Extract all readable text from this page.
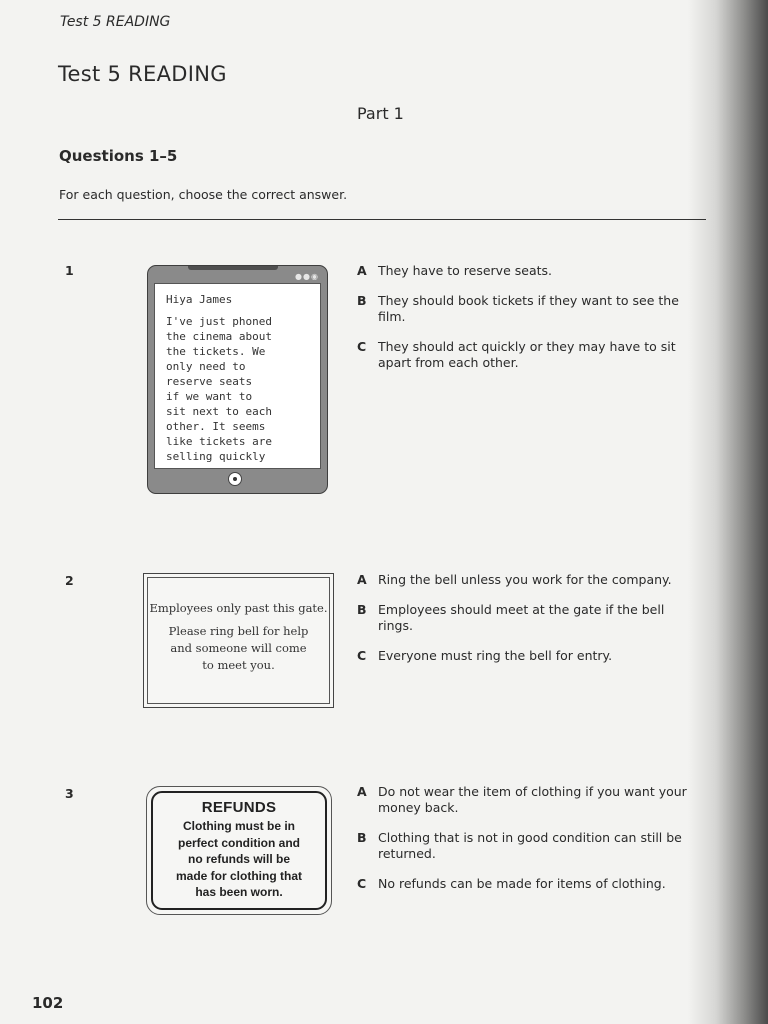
Test 5 READING
Test 5 READING
Part 1
Questions 1–5
For each question, choose the correct answer.
1	●●◉
Hiya James
I've just phoned
the cinema about
the tickets. We
only need to
reserve seats
if we want to
sit next to each
other. It seems
like tickets are
selling quickly
A They have to reserve seats.
B They should book tickets if they want to see the film.
C They should act quickly or they may have to sit apart from each other.
2
Employees only past this gate.
Please ring bell for help and someone will come to meet you.
A Ring the bell unless you work for the company.
B Employees should meet at the gate if the bell rings.
C Everyone must ring the bell for entry.
3
REFUNDS
Clothing must be in
perfect condition and
no refunds will be
made for clothing that
has been worn.
A Do not wear the item of clothing if you want your money back.
B Clothing that is not in good condition can still be returned.
C No refunds can be made for items of clothing.
102
